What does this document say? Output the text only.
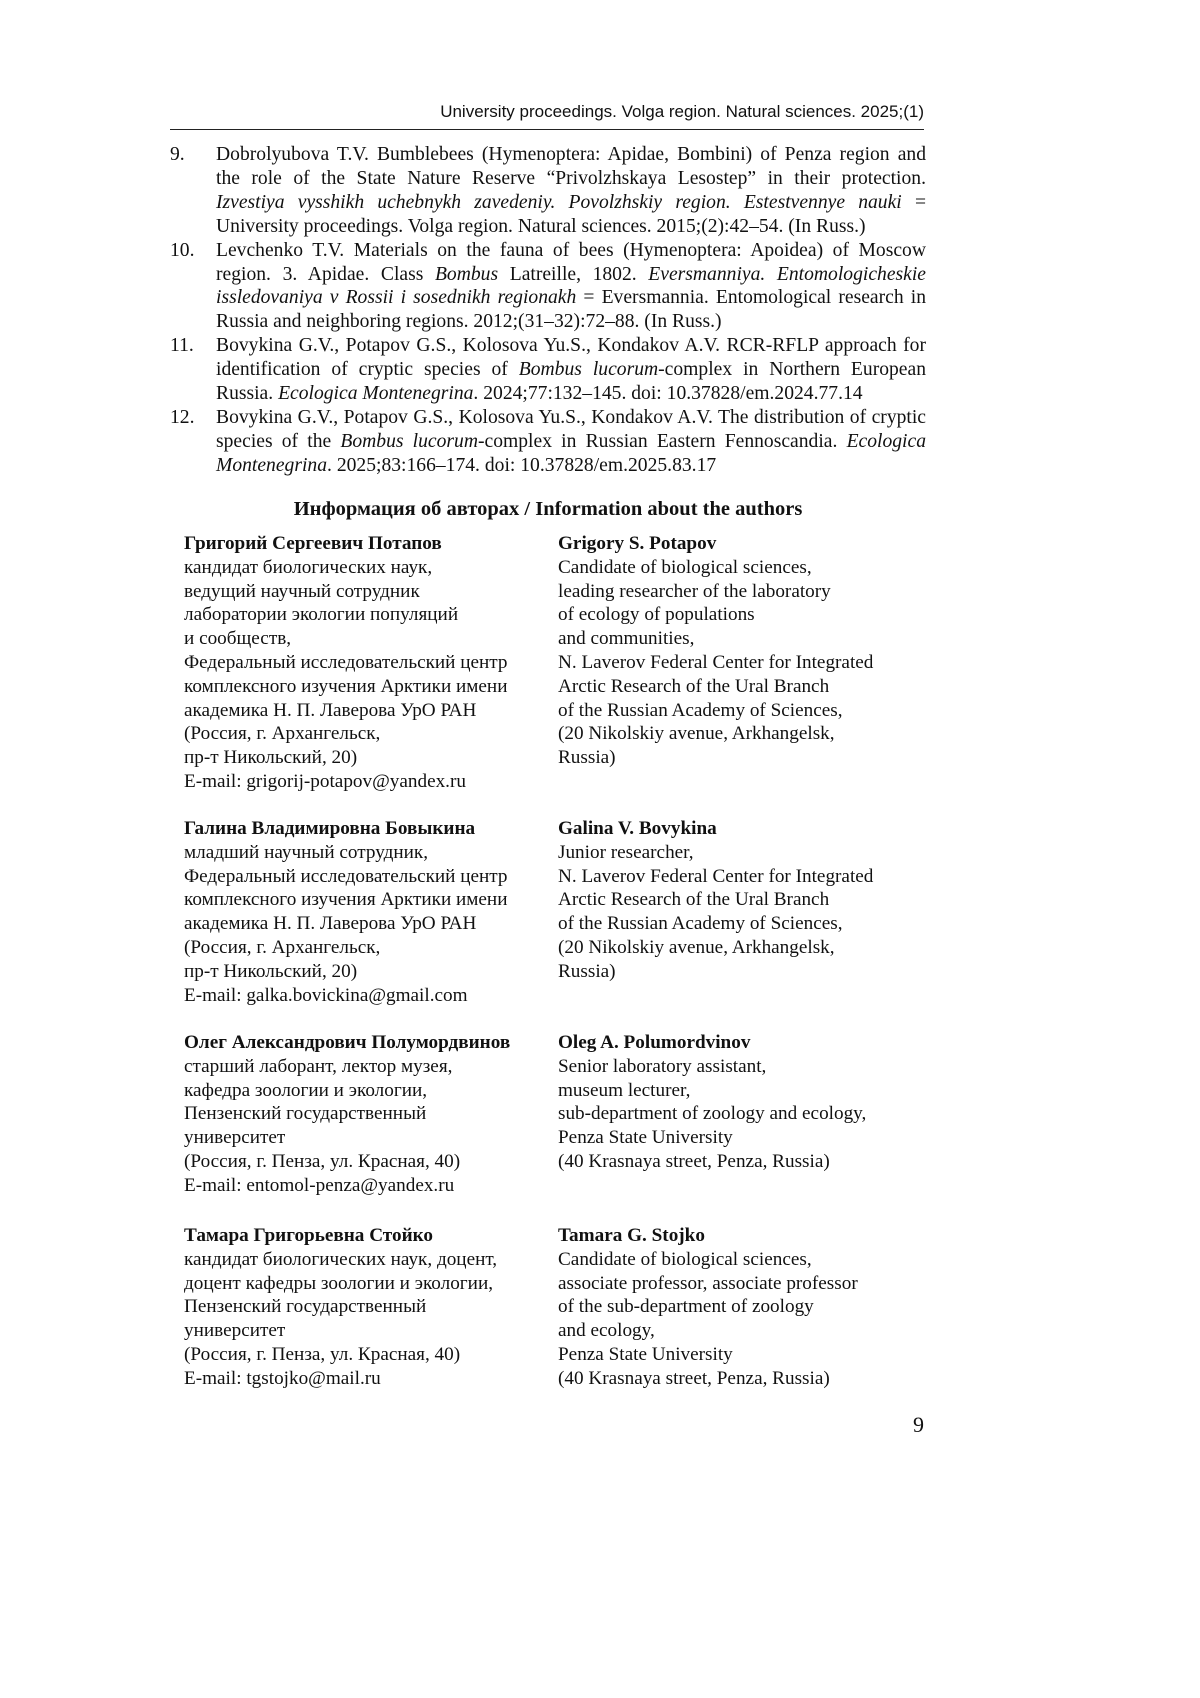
University proceedings. Volga region. Natural sciences. 2025;(1)
9.	Dobrolyubova T.V. Bumblebees (Hymenoptera: Apidae, Bombini) of Penza region and the role of the State Nature Reserve “Privolzhskaya Lesostep” in their protection. Izvestiya vysshikh uchebnykh zavedeniy. Povolzhskiy region. Estestvennye nauki = University proceedings. Volga region. Natural sciences. 2015;(2):42–54. (In Russ.)
10.	Levchenko T.V. Materials on the fauna of bees (Hymenoptera: Apoidea) of Moscow region. 3. Apidae. Class Bombus Latreille, 1802. Eversmanniya. Entomologicheskie issledovaniya v Rossii i sosednikh regionakh = Eversmannia. Entomological research in Russia and neighboring regions. 2012;(31–32):72–88. (In Russ.)
11.	Bovykina G.V., Potapov G.S., Kolosova Yu.S., Kondakov A.V. RCR-RFLP approach for identification of cryptic species of Bombus lucorum-complex in Northern European Russia. Ecologica Montenegrina. 2024;77:132–145. doi: 10.37828/em.2024.77.14
12.	Bovykina G.V., Potapov G.S., Kolosova Yu.S., Kondakov A.V. The distribution of cryptic species of the Bombus lucorum-complex in Russian Eastern Fennoscandia. Ecologica Montenegrina. 2025;83:166–174. doi: 10.37828/em.2025.83.17
Информация об авторах / Information about the authors
Григорий Сергеевич Потапов
кандидат биологических наук,
ведущий научный сотрудник
лаборатории экологии популяций
и сообществ,
Федеральный исследовательский центр
комплексного изучения Арктики имени
академика Н. П. Лаверова УрО РАН
(Россия, г. Архангельск,
пр-т Никольский, 20)
E-mail: grigorij-potapov@yandex.ru
Grigory S. Potapov
Candidate of biological sciences,
leading researcher of the laboratory
of ecology of populations
and communities,
N. Laverov Federal Center for Integrated
Arctic Research of the Ural Branch
of the Russian Academy of Sciences,
(20 Nikolskiy avenue, Arkhangelsk,
Russia)
Галина Владимировна Бовыкина
младший научный сотрудник,
Федеральный исследовательский центр
комплексного изучения Арктики имени
академика Н. П. Лаверова УрО РАН
(Россия, г. Архангельск,
пр-т Никольский, 20)
E-mail: galka.bovickina@gmail.com
Galina V. Bovykina
Junior researcher,
N. Laverov Federal Center for Integrated
Arctic Research of the Ural Branch
of the Russian Academy of Sciences,
(20 Nikolskiy avenue, Arkhangelsk,
Russia)
Олег Александрович Полумордвинов
старший лаборант, лектор музея,
кафедра зоологии и экологии,
Пензенский государственный
университет
(Россия, г. Пенза, ул. Красная, 40)
E-mail: entomol-penza@yandex.ru
Oleg A. Polumordvinov
Senior laboratory assistant,
museum lecturer,
sub-department of zoology and ecology,
Penza State University
(40 Krasnaya street, Penza, Russia)
Тамара Григорьевна Стойко
кандидат биологических наук, доцент,
доцент кафедры зоологии и экологии,
Пензенский государственный
университет
(Россия, г. Пенза, ул. Красная, 40)
E-mail: tgstojko@mail.ru
Tamara G. Stojko
Candidate of biological sciences,
associate professor, associate professor
of the sub-department of zoology
and ecology,
Penza State University
(40 Krasnaya street, Penza, Russia)
9
